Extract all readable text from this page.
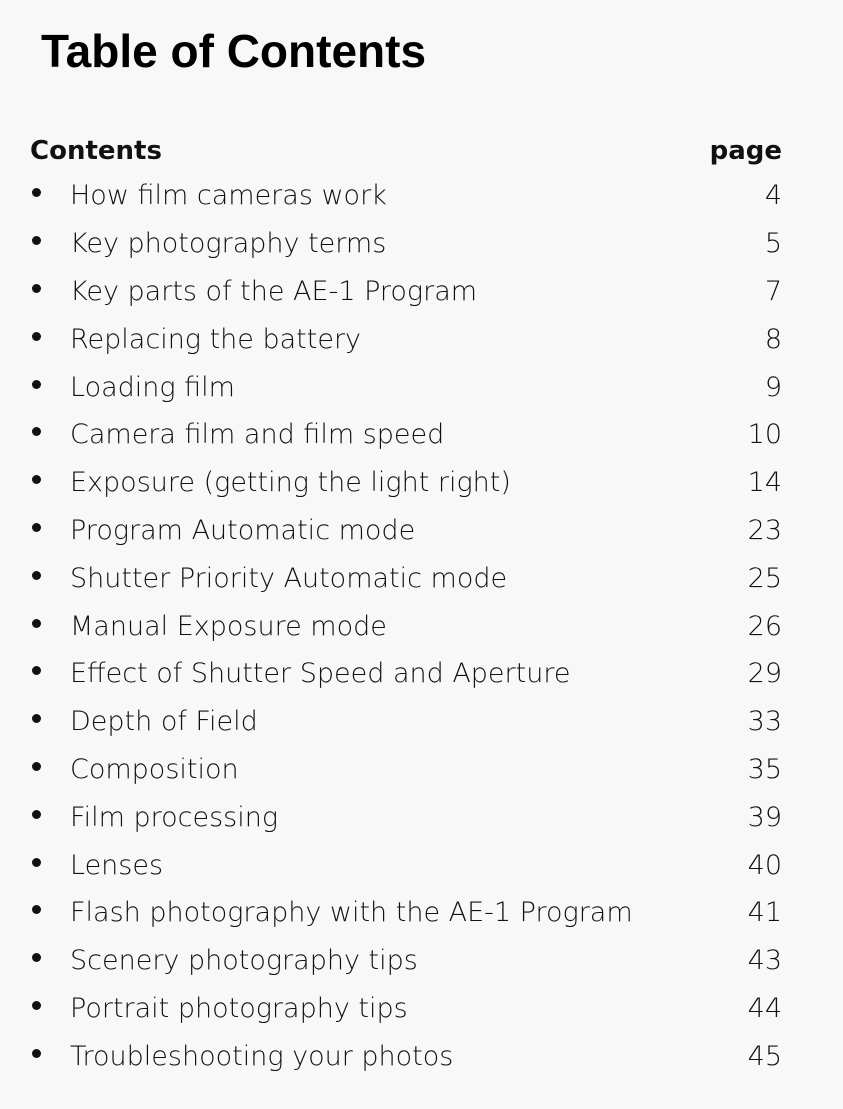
Table of Contents
Contents	page
How film cameras work	4
Key photography terms	5
Key parts of the AE-1 Program	7
Replacing the battery	8
Loading film	9
Camera film and film speed	10
Exposure (getting the light right)	14
Program Automatic mode	23
Shutter Priority Automatic mode	25
Manual Exposure mode	26
Effect of Shutter Speed and Aperture	29
Depth of Field	33
Composition	35
Film processing	39
Lenses	40
Flash photography with the AE-1 Program	41
Scenery photography tips	43
Portrait photography tips	44
Troubleshooting your photos	45
